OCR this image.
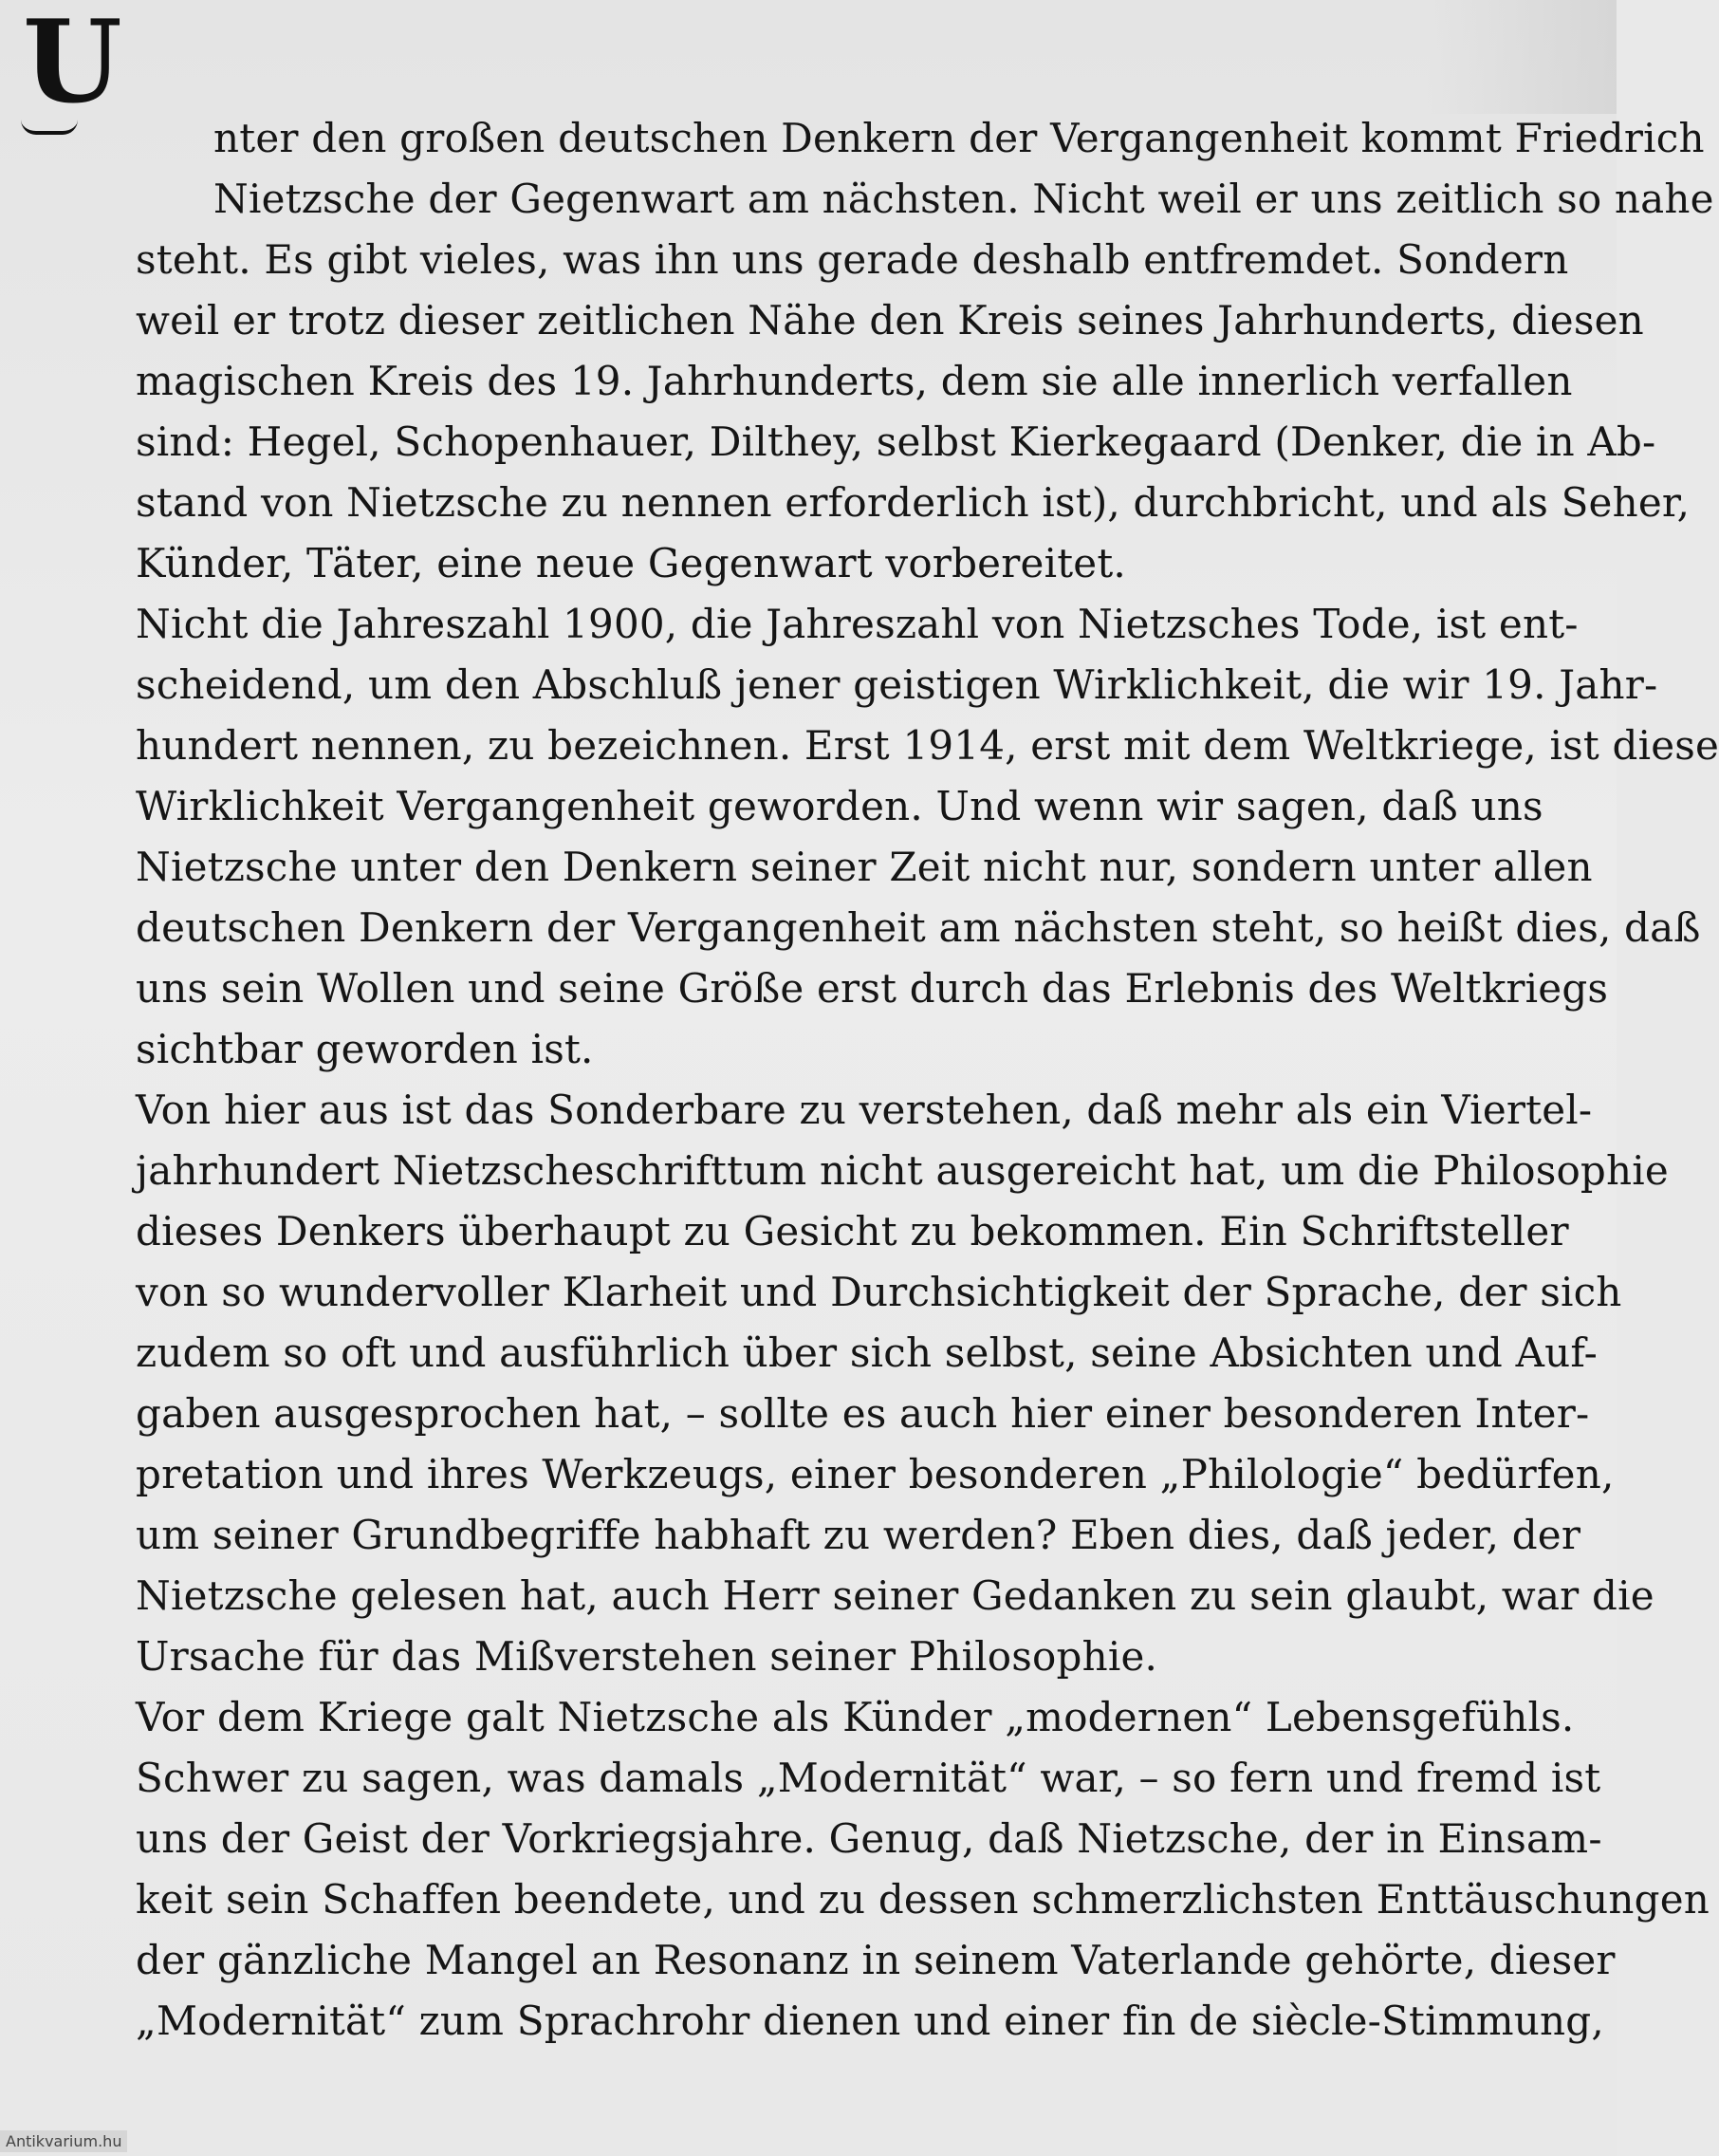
U
nter den großen deutschen Denkern der Vergangenheit kommt Friedrich
Nietzsche der Gegenwart am nächsten. Nicht weil er uns zeitlich so nahe
steht. Es gibt vieles, was ihn uns gerade deshalb entfremdet. Sondern
weil er trotz dieser zeitlichen Nähe den Kreis seines Jahrhunderts, diesen
magischen Kreis des 19. Jahrhunderts, dem sie alle innerlich verfallen
sind: Hegel, Schopenhauer, Dilthey, selbst Kierkegaard (Denker, die in Ab-
stand von Nietzsche zu nennen erforderlich ist), durchbricht, und als Seher,
Künder, Täter, eine neue Gegenwart vorbereitet.
Nicht die Jahreszahl 1900, die Jahreszahl von Nietzsches Tode, ist ent-
scheidend, um den Abschluß jener geistigen Wirklichkeit, die wir 19. Jahr-
hundert nennen, zu bezeichnen. Erst 1914, erst mit dem Weltkriege, ist diese
Wirklichkeit Vergangenheit geworden. Und wenn wir sagen, daß uns
Nietzsche unter den Denkern seiner Zeit nicht nur, sondern unter allen
deutschen Denkern der Vergangenheit am nächsten steht, so heißt dies, daß
uns sein Wollen und seine Größe erst durch das Erlebnis des Weltkriegs
sichtbar geworden ist.
Von hier aus ist das Sonderbare zu verstehen, daß mehr als ein Viertel-
jahrhundert Nietzscheschrifttum nicht ausgereicht hat, um die Philosophie
dieses Denkers überhaupt zu Gesicht zu bekommen. Ein Schriftsteller
von so wundervoller Klarheit und Durchsichtigkeit der Sprache, der sich
zudem so oft und ausführlich über sich selbst, seine Absichten und Auf-
gaben ausgesprochen hat, – sollte es auch hier einer besonderen Inter-
pretation und ihres Werkzeugs, einer besonderen „Philologie“ bedürfen,
um seiner Grundbegriffe habhaft zu werden? Eben dies, daß jeder, der
Nietzsche gelesen hat, auch Herr seiner Gedanken zu sein glaubt, war die
Ursache für das Mißverstehen seiner Philosophie.
Vor dem Kriege galt Nietzsche als Künder „modernen“ Lebensgefühls.
Schwer zu sagen, was damals „Modernität“ war, – so fern und fremd ist
uns der Geist der Vorkriegsjahre. Genug, daß Nietzsche, der in Einsam-
keit sein Schaffen beendete, und zu dessen schmerzlichsten Enttäuschungen
der gänzliche Mangel an Resonanz in seinem Vaterlande gehörte, dieser
„Modernität“ zum Sprachrohr dienen und einer fin de siècle-Stimmung,
Antikvarium.hu
